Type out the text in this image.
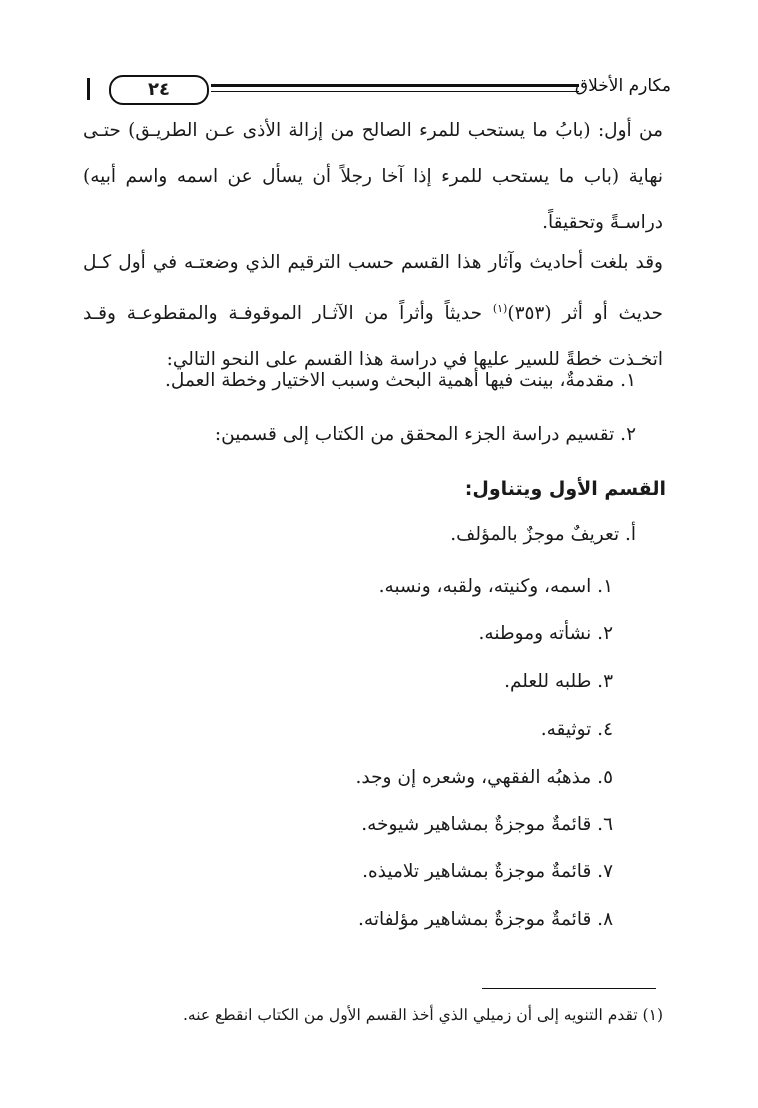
٢٤	مكارم الأخلاق
من أول: (بابُ ما يستحب للمرء الصالح من إزالة الأذى عـن الطريـق) حتـى نهاية (باب ما يستحب للمرء إذا آخا رجلاً أن يسأل عن اسمه واسم أبيه) دراسـةً وتحقيقاً.
وقد بلغت أحاديث وآثار هذا القسم حسب الترقيم الذي وضعتـه في أول كـل حديث أو أثر (٣٥٣)$^{(١)}$ حديثاً وأثراً من الآثـار الموقوفـة والمقطوعـة وقـد اتخـذت خطةً للسير عليها في دراسة هذا القسم على النحو التالي:
١. مقدمةٌ، بينت فيها أهمية البحث وسبب الاختيار وخطة العمل.
٢. تقسيم دراسة الجزء المحقق من الكتاب إلى قسمين:
القسم الأول ويتناول:
أ. تعريفٌ موجزٌ بالمؤلف.
١. اسمه، وكنيته، ولقبه، ونسبه.
٢. نشأته وموطنه.
٣. طلبه للعلم.
٤. توثيقه.
٥. مذهبُه الفقهي، وشعره إن وجد.
٦. قائمةٌ موجزةٌ بمشاهير شيوخه.
٧. قائمةٌ موجزةٌ بمشاهير تلاميذه.
٨. قائمةٌ موجزةٌ بمشاهير مؤلفاته.
(١) تقدم التنويه إلى أن زميلي الذي أخذ القسم الأول من الكتاب انقطع عنه.
